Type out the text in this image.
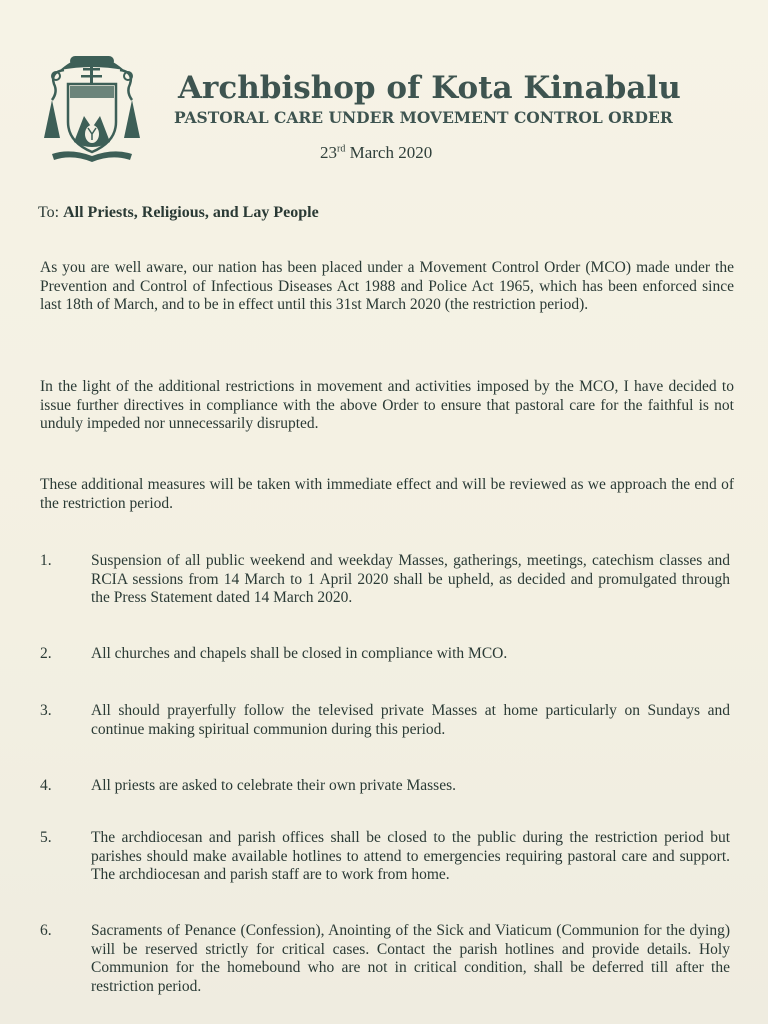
Archbishop of Kota Kinabalu
PASTORAL CARE UNDER MOVEMENT CONTROL ORDER
23rd March 2020
To: All Priests, Religious, and Lay People
As you are well aware, our nation has been placed under a Movement Control Order (MCO) made under the Prevention and Control of Infectious Diseases Act 1988 and Police Act 1965, which has been enforced since last 18th of March, and to be in effect until this 31st March 2020 (the restriction period).
In the light of the additional restrictions in movement and activities imposed by the MCO, I have decided to issue further directives in compliance with the above Order to ensure that pastoral care for the faithful is not unduly impeded nor unnecessarily disrupted.
These additional measures will be taken with immediate effect and will be reviewed as we approach the end of the restriction period.
1.	Suspension of all public weekend and weekday Masses, gatherings, meetings, catechism classes and RCIA sessions from 14 March to 1 April 2020 shall be upheld, as decided and promulgated through the Press Statement dated 14 March 2020.
2.	All churches and chapels shall be closed in compliance with MCO.
3.	All should prayerfully follow the televised private Masses at home particularly on Sundays and continue making spiritual communion during this period.
4.	All priests are asked to celebrate their own private Masses.
5.	The archdiocesan and parish offices shall be closed to the public during the restriction period but parishes should make available hotlines to attend to emergencies requiring pastoral care and support. The archdiocesan and parish staff are to work from home.
6.	Sacraments of Penance (Confession), Anointing of the Sick and Viaticum (Communion for the dying) will be reserved strictly for critical cases. Contact the parish hotlines and provide details. Holy Communion for the homebound who are not in critical condition, shall be deferred till after the restriction period.
